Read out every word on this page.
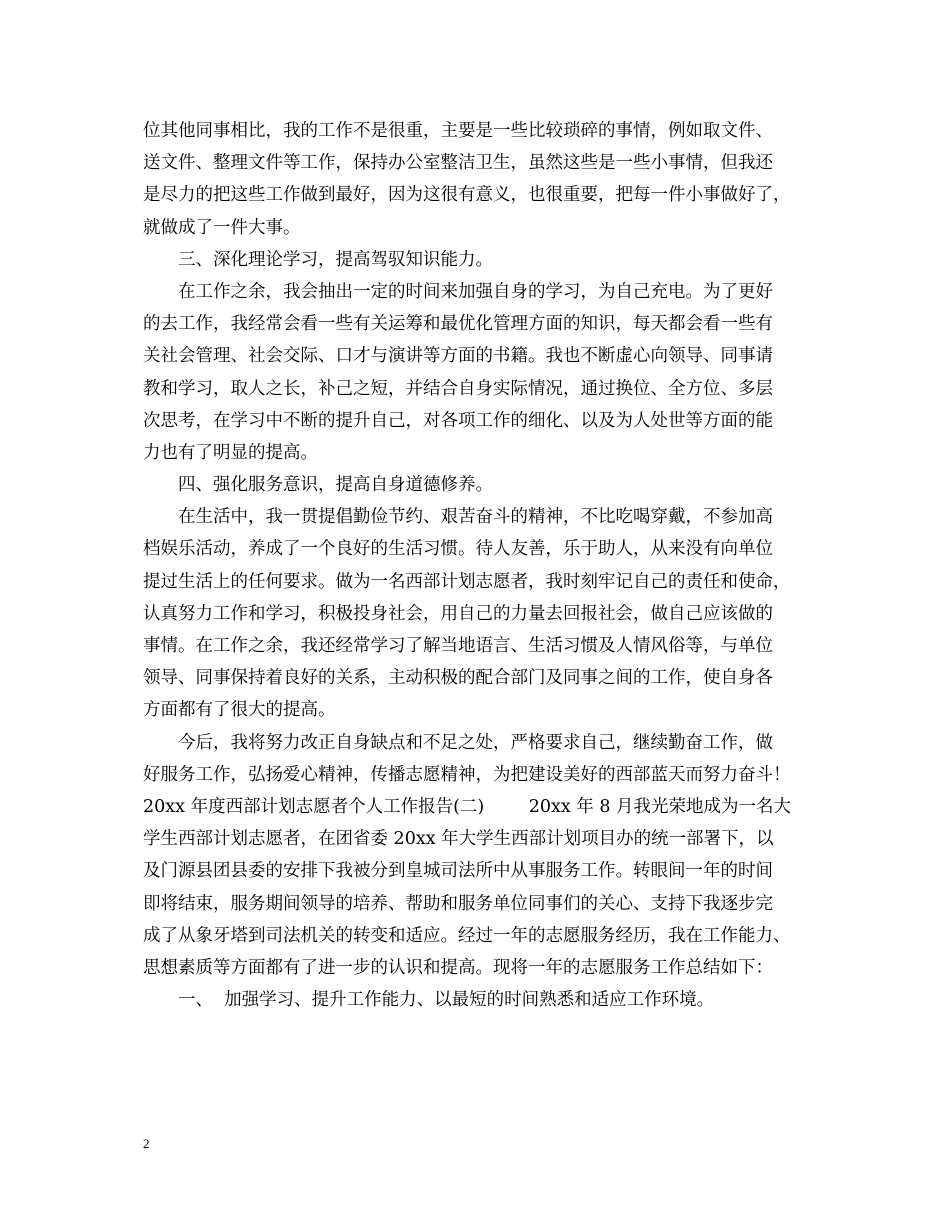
位其他同事相比，我的工作不是很重，主要是一些比较琐碎的事情，例如取文件、
送文件、整理文件等工作，保持办公室整洁卫生，虽然这些是一些小事情，但我还
是尽力的把这些工作做到最好，因为这很有意义，也很重要，把每一件小事做好了，
就做成了一件大事。
三、深化理论学习，提高驾驭知识能力。
在工作之余，我会抽出一定的时间来加强自身的学习，为自己充电。为了更好
的去工作，我经常会看一些有关运筹和最优化管理方面的知识，每天都会看一些有
关社会管理、社会交际、口才与演讲等方面的书籍。我也不断虚心向领导、同事请
教和学习，取人之长，补己之短，并结合自身实际情况，通过换位、全方位、多层
次思考，在学习中不断的提升自己，对各项工作的细化、以及为人处世等方面的能
力也有了明显的提高。
四、强化服务意识，提高自身道德修养。
在生活中，我一贯提倡勤俭节约、艰苦奋斗的精神，不比吃喝穿戴，不参加高
档娱乐活动，养成了一个良好的生活习惯。待人友善，乐于助人，从来没有向单位
提过生活上的任何要求。做为一名西部计划志愿者，我时刻牢记自己的责任和使命，
认真努力工作和学习，积极投身社会，用自己的力量去回报社会，做自己应该做的
事情。在工作之余，我还经常学习了解当地语言、生活习惯及人情风俗等，与单位
领导、同事保持着良好的关系，主动积极的配合部门及同事之间的工作，使自身各
方面都有了很大的提高。
今后，我将努力改正自身缺点和不足之处，严格要求自己，继续勤奋工作，做
好服务工作，弘扬爱心精神，传播志愿精神，为把建设美好的西部蓝天而努力奋斗！
20xx 年度西部计划志愿者个人工作报告(二)        20xx 年 8 月我光荣地成为一名大
学生西部计划志愿者，在团省委 20xx 年大学生西部计划项目办的统一部署下，以
及门源县团县委的安排下我被分到皇城司法所中从事服务工作。转眼间一年的时间
即将结束，服务期间领导的培养、帮助和服务单位同事们的关心、支持下我逐步完
成了从象牙塔到司法机关的转变和适应。经过一年的志愿服务经历，我在工作能力、
思想素质等方面都有了进一步的认识和提高。现将一年的志愿服务工作总结如下：
一、  加强学习、提升工作能力、以最短的时间熟悉和适应工作环境。
2
